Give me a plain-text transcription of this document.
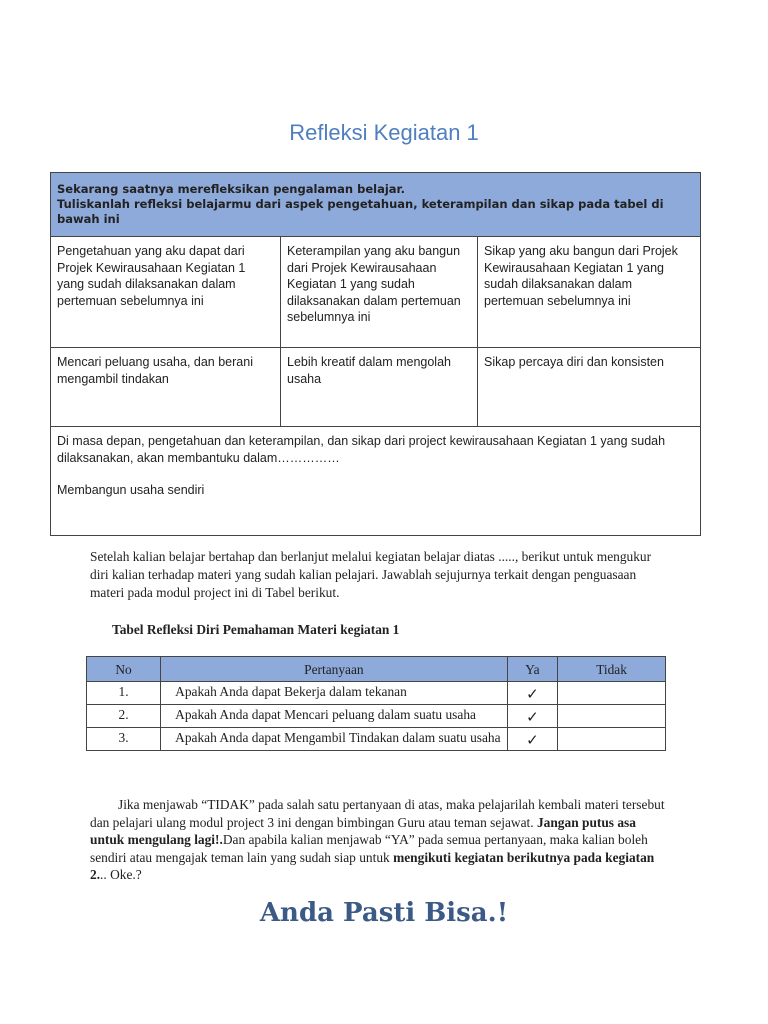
Refleksi Kegiatan 1
Sekarang saatnya merefleksikan pengalaman belajar.
Tuliskanlah refleksi belajarmu dari aspek pengetahuan, keterampilan dan sikap pada tabel di bawah ini		

Pengetahuan yang aku dapat dari Projek Kewirausahaan Kegiatan 1 yang sudah dilaksanakan dalam pertemuan sebelumnya ini	Keterampilan yang aku bangun dari Projek Kewirausahaan Kegiatan 1 yang sudah dilaksanakan dalam pertemuan sebelumnya ini	Sikap yang aku bangun dari Projek Kewirausahaan Kegiatan 1 yang sudah dilaksanakan dalam pertemuan sebelumnya ini
Mencari peluang usaha, dan berani mengambil tindakan	Lebih kreatif dalam mengolah usaha	Sikap percaya diri dan konsisten

Di masa depan, pengetahuan dan keterampilan, dan sikap dari project kewirausahaan Kegiatan 1 yang sudah dilaksanakan, akan membantuku dalam……………
Membangun usaha sendiri		
Setelah kalian belajar bertahap dan berlanjut melalui kegiatan belajar diatas ....., berikut untuk mengukur diri kalian terhadap materi yang sudah kalian pelajari. Jawablah sejujurnya terkait dengan penguasaan materi pada modul project ini di Tabel berikut.
Tabel Refleksi Diri Pemahaman Materi kegiatan 1
No	Pertanyaan	Ya	Tidak
1.	Apakah Anda dapat Bekerja dalam tekanan	✓	
2.	Apakah Anda dapat Mencari peluang dalam suatu usaha	✓	
3.	Apakah Anda dapat Mengambil Tindakan dalam suatu usaha	✓	
Jika menjawab “TIDAK” pada salah satu pertanyaan di atas, maka pelajarilah kembali materi tersebut dan pelajari ulang modul project 3 ini dengan bimbingan Guru atau teman sejawat. Jangan putus asa untuk mengulang lagi!.Dan apabila kalian menjawab “YA” pada semua pertanyaan, maka kalian boleh sendiri atau mengajak teman lain yang sudah siap untuk mengikuti kegiatan berikutnya pada kegiatan 2... Oke.?
Anda Pasti Bisa.!
